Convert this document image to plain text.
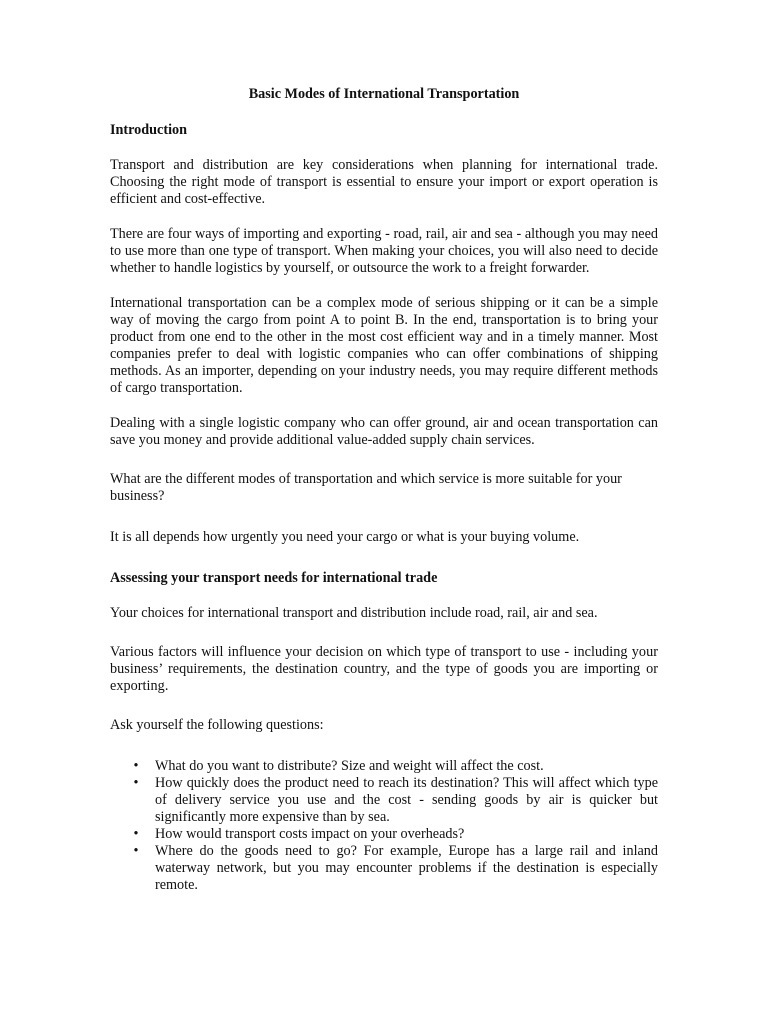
Basic Modes of International Transportation
Introduction

Transport and distribution are key considerations when planning for international trade. Choosing the right mode of transport is essential to ensure your import or export operation is efficient and cost-effective.

There are four ways of importing and exporting - road, rail, air and sea - although you may need to use more than one type of transport. When making your choices, you will also need to decide whether to handle logistics by yourself, or outsource the work to a freight forwarder.

International transportation can be a complex mode of serious shipping or it can be a simple way of moving the cargo from point A to point B. In the end, transportation is to bring your product from one end to the other in the most cost efficient way and in a timely manner. Most companies prefer to deal with logistic companies who can offer combinations of shipping methods. As an importer, depending on your industry needs, you may require different methods of cargo transportation.

Dealing with a single logistic company who can offer ground, air and ocean transportation can save you money and provide additional value-added supply chain services.

What are the different modes of transportation and which service is more suitable for your business?

It is all depends how urgently you need your cargo or what is your buying volume.

Assessing your transport needs for international trade

Your choices for international transport and distribution include road, rail, air and sea.

Various factors will influence your decision on which type of transport to use - including your business’ requirements, the destination country, and the type of goods you are importing or exporting.

Ask yourself the following questions:

• What do you want to distribute? Size and weight will affect the cost.
• How quickly does the product need to reach its destination? This will affect which type of delivery service you use and the cost - sending goods by air is quicker but significantly more expensive than by sea.
• How would transport costs impact on your overheads?
• Where do the goods need to go? For example, Europe has a large rail and inland waterway network, but you may encounter problems if the destination is especially remote.
